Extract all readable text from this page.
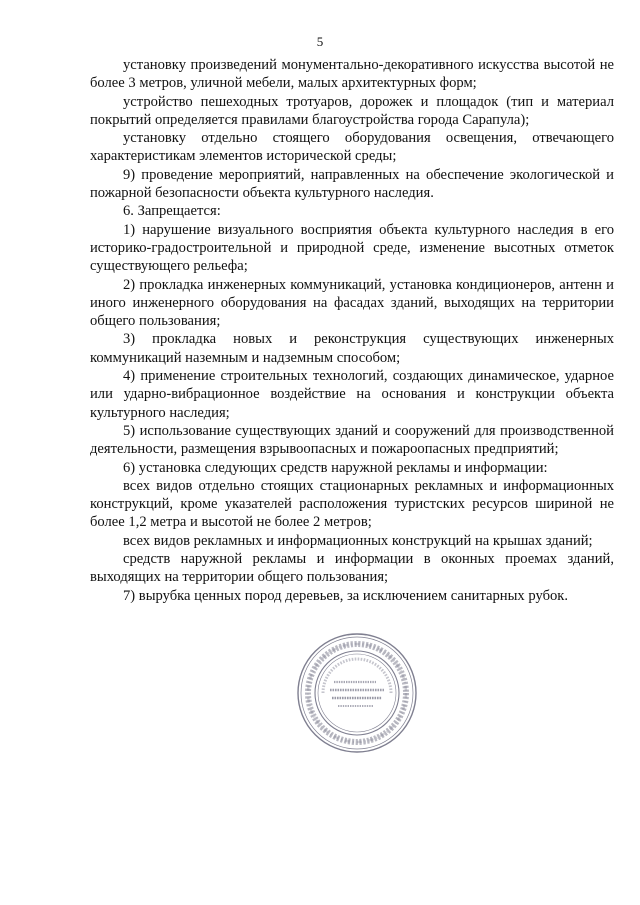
5

установку произведений монументально-декоративного искусства высотой не более 3 метров, уличной мебели, малых архитектурных форм;

устройство пешеходных тротуаров, дорожек и площадок (тип и материал покрытий определяется правилами благоустройства города Сарапула);

установку отдельно стоящего оборудования освещения, отвечающего характеристикам элементов исторической среды;

9) проведение мероприятий, направленных на обеспечение экологической и пожарной безопасности объекта культурного наследия.

6. Запрещается:

1) нарушение визуального восприятия объекта культурного наследия в его историко-градостроительной и природной среде, изменение высотных отметок существующего рельефа;

2) прокладка инженерных коммуникаций, установка кондиционеров, антенн и иного инженерного оборудования на фасадах зданий, выходящих на территории общего пользования;

3) прокладка новых и реконструкция существующих инженерных коммуникаций наземным и надземным способом;

4) применение строительных технологий, создающих динамическое, ударное или ударно-вибрационное воздействие на основания и конструкции объекта культурного наследия;

5) использование существующих зданий и сооружений для производственной деятельности, размещения взрывоопасных и пожароопасных предприятий;

6) установка следующих средств наружной рекламы и информации:

всех видов отдельно стоящих стационарных рекламных и информационных конструкций, кроме указателей расположения туристских ресурсов шириной не более 1,2 метра и высотой не более 2 метров;

всех видов рекламных и информационных конструкций на крышах зданий;

средств наружной рекламы и информации в оконных проемах зданий, выходящих на территории общего пользования;

7) вырубка ценных пород деревьев, за исключением санитарных рубок.
